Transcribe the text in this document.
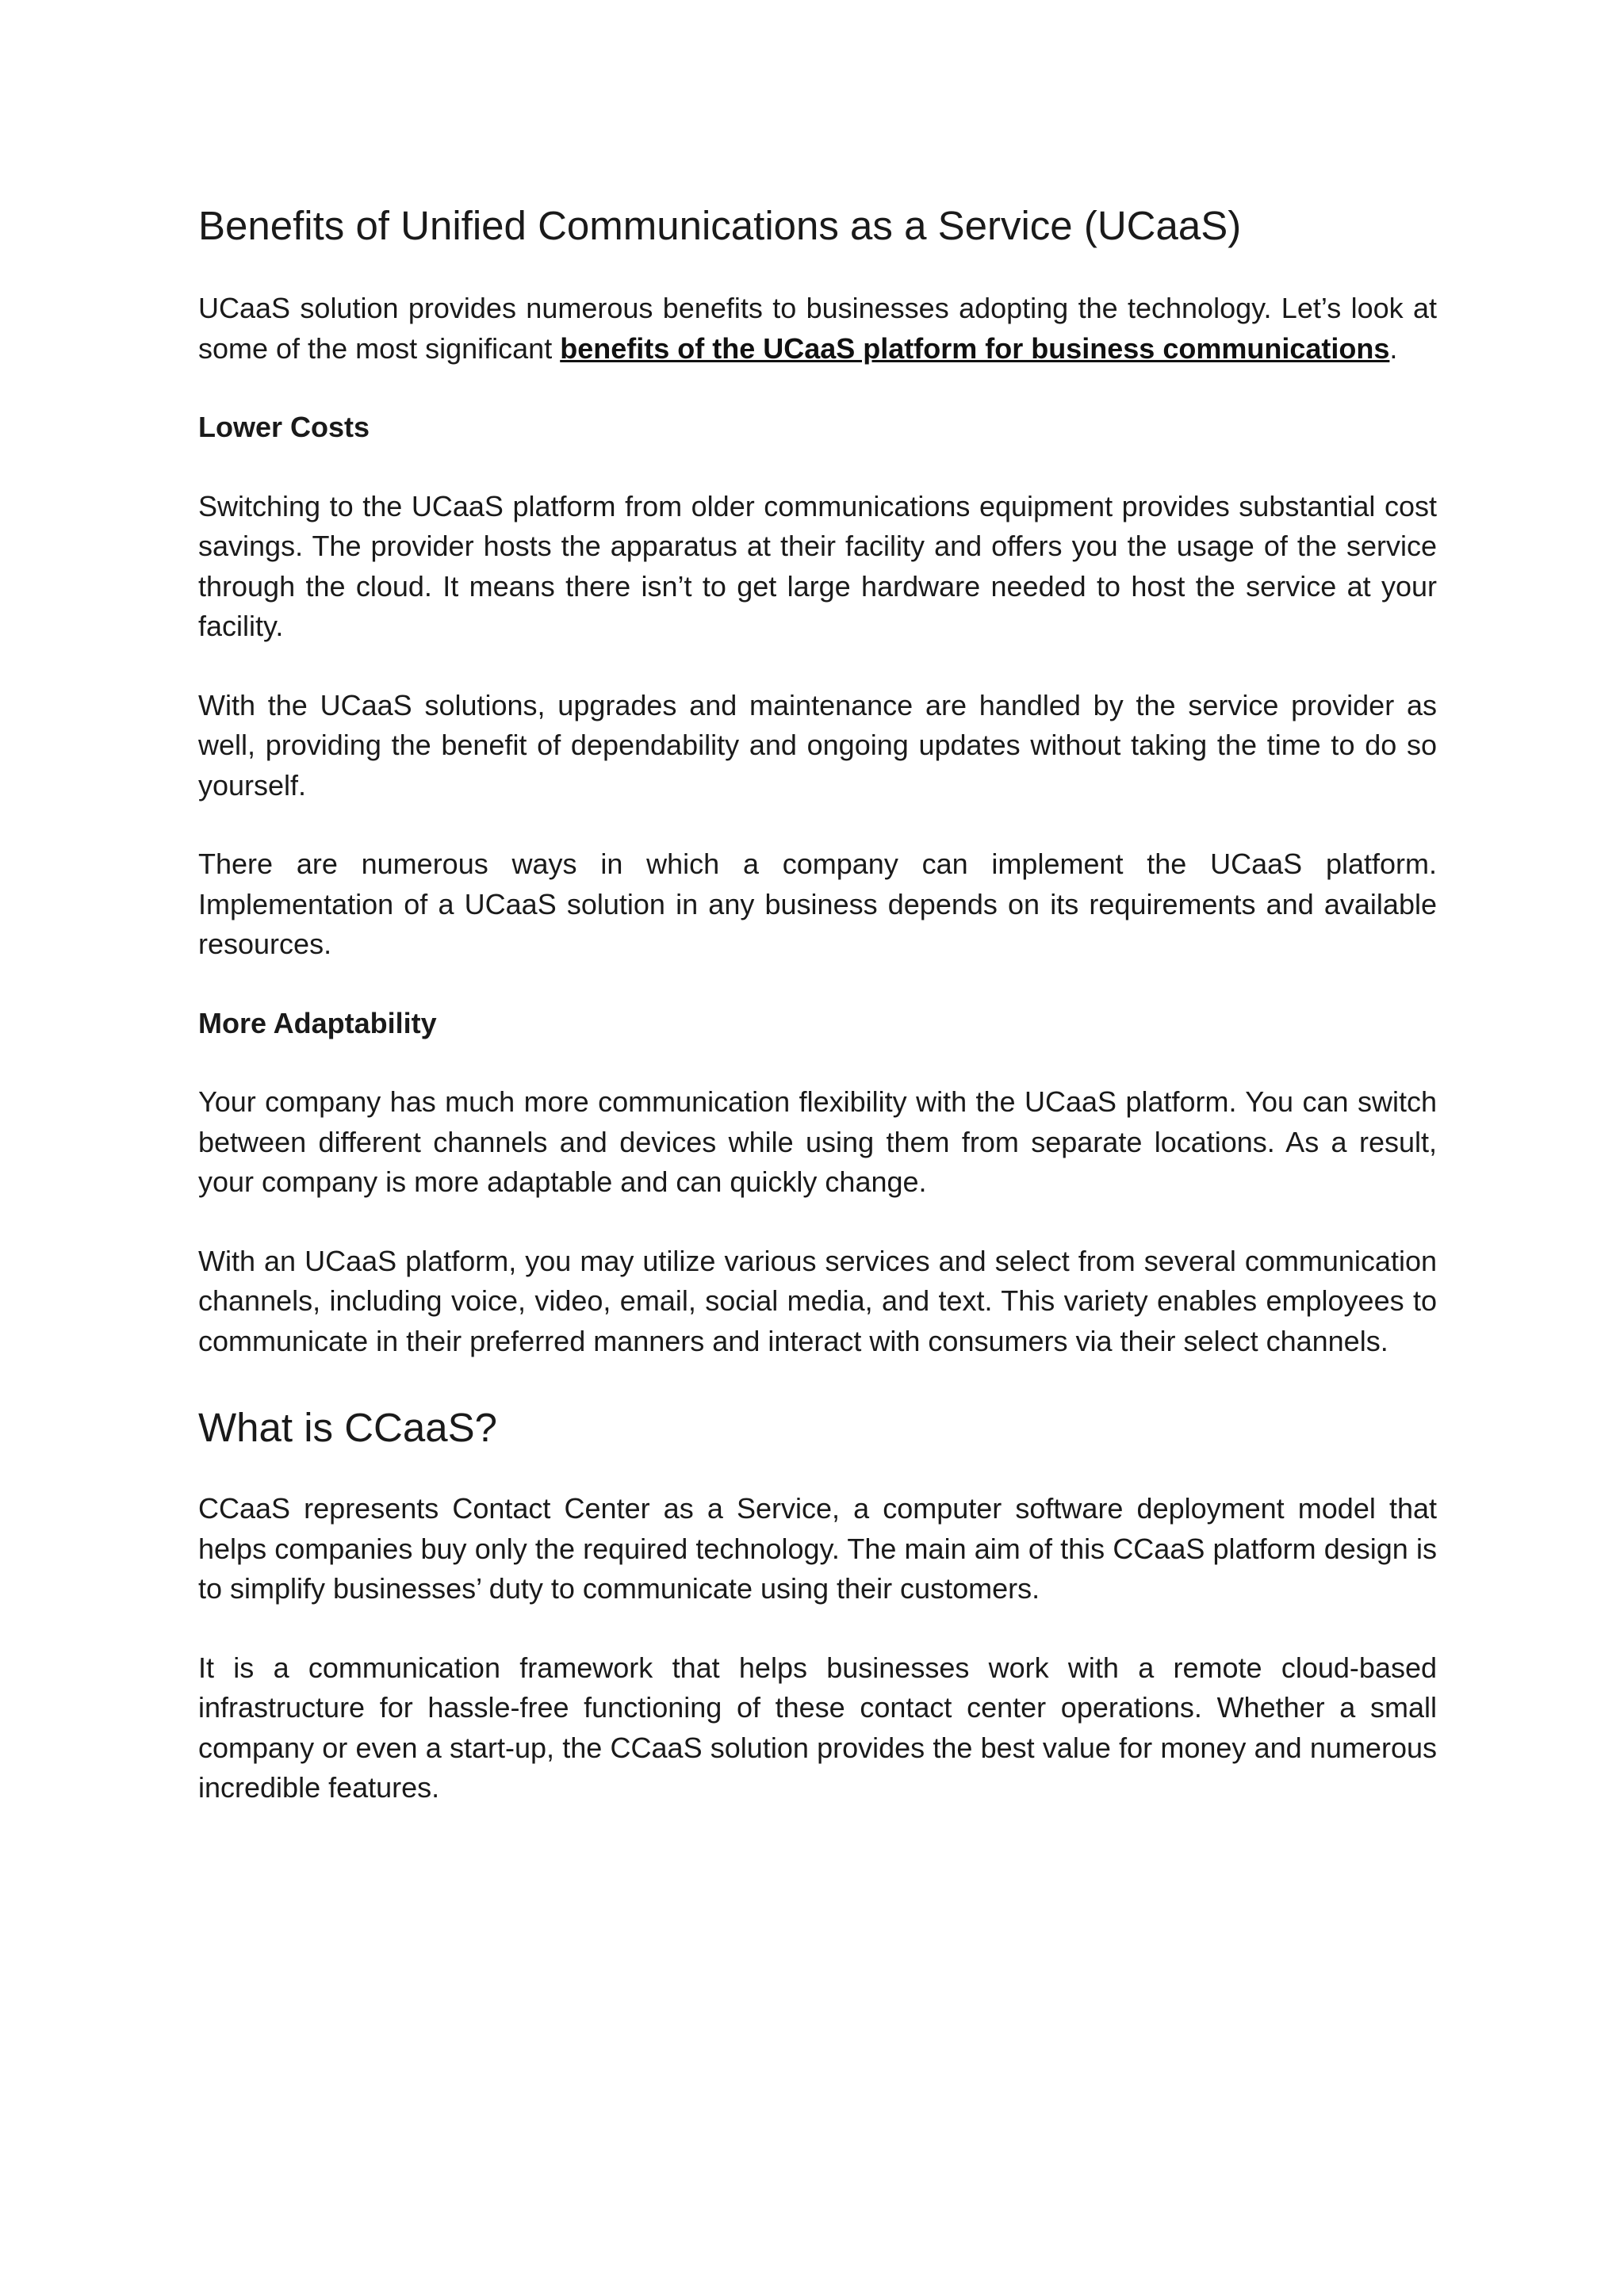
Benefits of Unified Communications as a Service (UCaaS)

UCaaS solution provides numerous benefits to businesses adopting the technology. Let’s look at some of the most significant benefits of the UCaaS platform for business communications.

Lower Costs

Switching to the UCaaS platform from older communications equipment provides substantial cost savings. The provider hosts the apparatus at their facility and offers you the usage of the service through the cloud. It means there isn’t to get large hardware needed to host the service at your facility.

With the UCaaS solutions, upgrades and maintenance are handled by the service provider as well, providing the benefit of dependability and ongoing updates without taking the time to do so yourself.

There are numerous ways in which a company can implement the UCaaS platform. Implementation of a UCaaS solution in any business depends on its requirements and available resources.

More Adaptability

Your company has much more communication flexibility with the UCaaS platform. You can switch between different channels and devices while using them from separate locations. As a result, your company is more adaptable and can quickly change.

With an UCaaS platform, you may utilize various services and select from several communication channels, including voice, video, email, social media, and text. This variety enables employees to communicate in their preferred manners and interact with consumers via their select channels.

What is CCaaS?

CCaaS represents Contact Center as a Service, a computer software deployment model that helps companies buy only the required technology. The main aim of this CCaaS platform design is to simplify businesses’ duty to communicate using their customers.

It is a communication framework that helps businesses work with a remote cloud-based infrastructure for hassle-free functioning of these contact center operations. Whether a small company or even a start-up, the CCaaS solution provides the best value for money and numerous incredible features.
